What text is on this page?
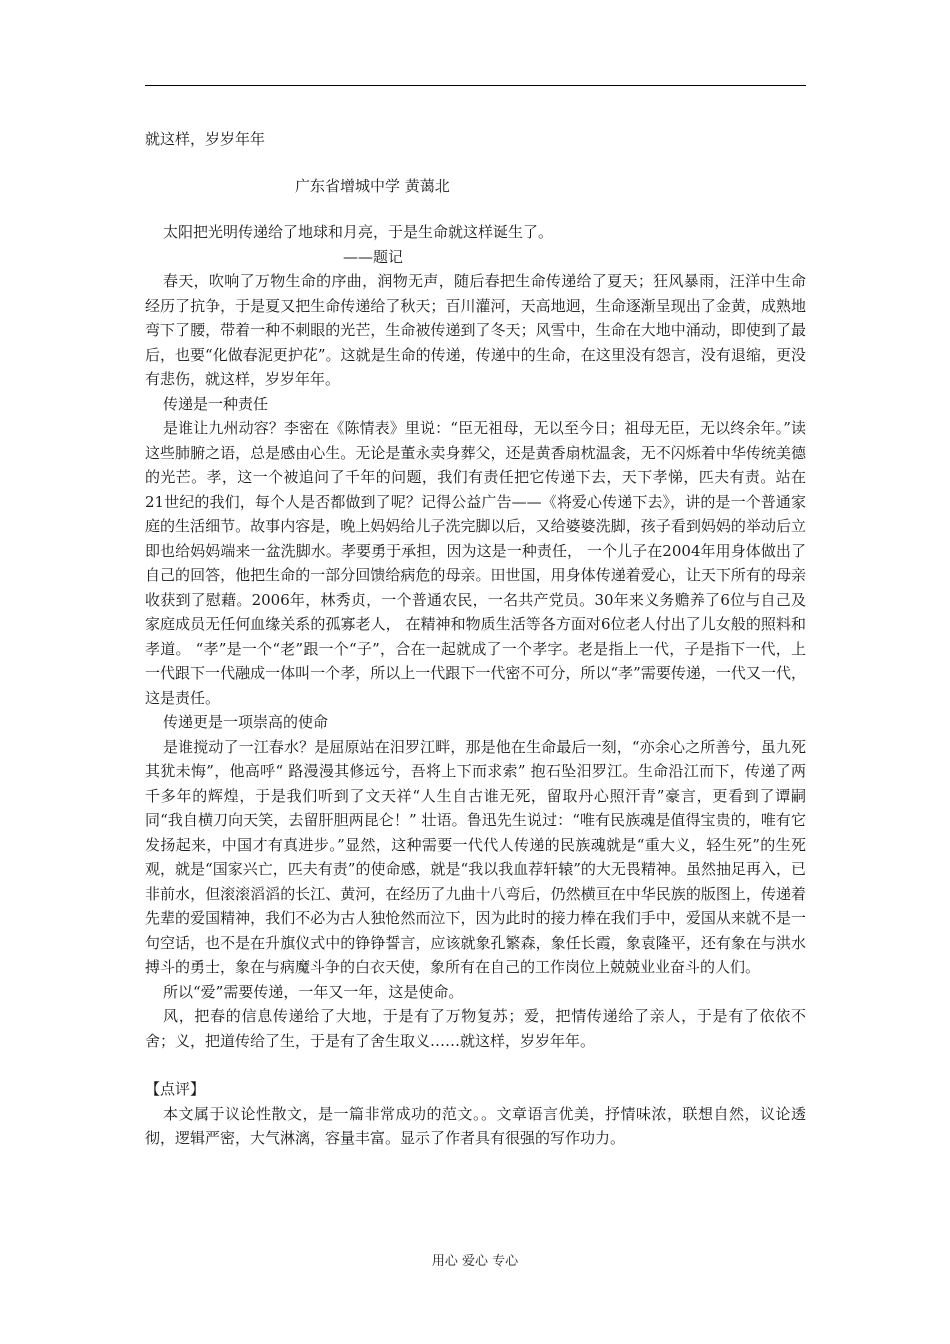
就这样，岁岁年年

广东省增城中学 黄蔼北

太阳把光明传递给了地球和月亮，于是生命就这样诞生了。

——题记

春天，吹响了万物生命的序曲，润物无声，随后春把生命传递给了夏天；狂风暴雨，汪洋中生命经历了抗争，于是夏又把生命传递给了秋天；百川灌河，天高地迥，生命逐渐呈现出了金黄，成熟地弯下了腰，带着一种不刺眼的光芒，生命被传递到了冬天；风雪中，生命在大地中涌动，即使到了最后，也要“化做春泥更护花”。这就是生命的传递，传递中的生命，在这里没有怨言，没有退缩，更没有悲伤，就这样，岁岁年年。

传递是一种责任

是谁让九州动容？李密在《陈情表》里说：“臣无祖母，无以至今日；祖母无臣，无以终余年。”读这些肺腑之语，总是感由心生。无论是董永卖身葬父，还是黄香扇枕温衾，无不闪烁着中华传统美德的光芒。孝，这一个被追问了千年的问题，我们有责任把它传递下去，天下孝悌，匹夫有责。站在21世纪的我们，每个人是否都做到了呢？记得公益广告——《将爱心传递下去》，讲的是一个普通家庭的生活细节。故事内容是，晚上妈妈给儿子洗完脚以后，又给婆婆洗脚，孩子看到妈妈的举动后立即也给妈妈端来一盆洗脚水。孝要勇于承担，因为这是一种责任， 一个儿子在2004年用身体做出了自己的回答，他把生命的一部分回馈给病危的母亲。田世国，用身体传递着爱心，让天下所有的母亲收获到了慰藉。2006年，林秀贞，一个普通农民，一名共产党员。30年来义务赡养了6位与自己及家庭成员无任何血缘关系的孤寡老人， 在精神和物质生活等各方面对6位老人付出了儿女般的照料和孝道。 “孝”是一个“老”跟一个“子”，合在一起就成了一个孝字。老是指上一代，子是指下一代，上一代跟下一代融成一体叫一个孝，所以上一代跟下一代密不可分，所以“孝”需要传递，一代又一代，这是责任。

传递更是一项崇高的使命

是谁搅动了一江春水？是屈原站在汨罗江畔，那是他在生命最后一刻，“亦余心之所善兮，虽九死其犹未悔”，他高呼“ 路漫漫其修远兮，吾将上下而求索” 抱石坠汨罗江。生命沿江而下，传递了两千多年的辉煌，于是我们听到了文天祥“人生自古谁无死，留取丹心照汗青”豪言，更看到了谭嗣同“我自横刀向天笑，去留肝胆两昆仑！” 壮语。鲁迅先生说过：“唯有民族魂是值得宝贵的，唯有它发扬起来，中国才有真进步。”显然，这种需要一代代人传递的民族魂就是“重大义，轻生死”的生死观，就是“国家兴亡，匹夫有责”的使命感，就是“我以我血荐轩辕”的大无畏精神。虽然抽足再入，已非前水，但滚滚滔滔的长江、黄河，在经历了九曲十八弯后，仍然横亘在中华民族的版图上，传递着先辈的爱国精神，我们不必为古人独怆然而泣下，因为此时的接力棒在我们手中，爱国从来就不是一句空话，也不是在升旗仪式中的铮铮誓言，应该就象孔繁森，象任长霞，象袁隆平，还有象在与洪水搏斗的勇士，象在与病魔斗争的白衣天使，象所有在自己的工作岗位上兢兢业业奋斗的人们。

所以“爱”需要传递，一年又一年，这是使命。

风，把春的信息传递给了大地，于是有了万物复苏；爱，把情传递给了亲人，于是有了依依不舍；义，把道传给了生，于是有了舍生取义……就这样，岁岁年年。

【点评】

本文属于议论性散文，是一篇非常成功的范文。。文章语言优美，抒情味浓，联想自然，议论透彻，逻辑严密，大气淋漓，容量丰富。显示了作者具有很强的写作功力。

用心 爱心 专心
